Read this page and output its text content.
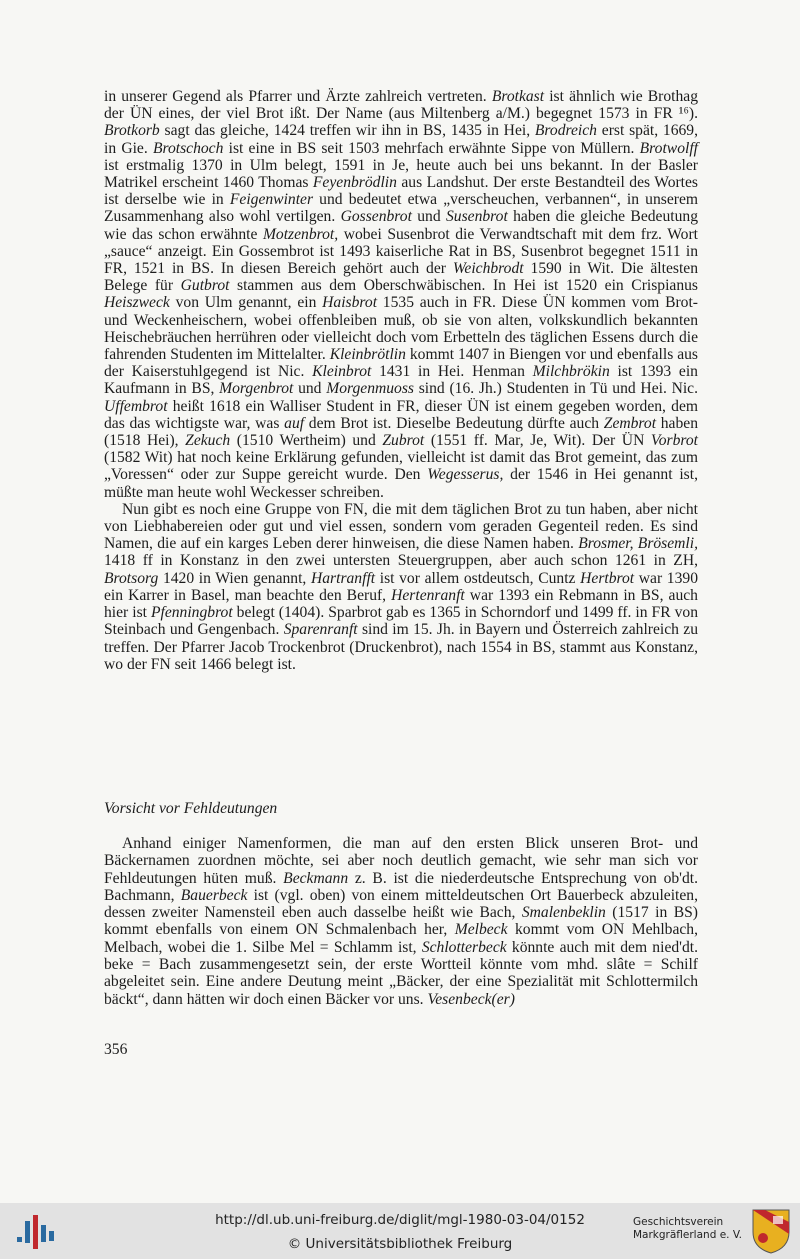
in unserer Gegend als Pfarrer und Ärzte zahlreich vertreten. Brotkast ist ähnlich wie Brothag der ÜN eines, der viel Brot ißt. Der Name (aus Miltenberg a/M.) begegnet 1573 in FR ¹⁶). Brotkorb sagt das gleiche, 1424 treffen wir ihn in BS, 1435 in Hei, Brodreich erst spät, 1669, in Gie. Brotschoch ist eine in BS seit 1503 mehrfach erwähnte Sippe von Müllern. Brotwolff ist erstmalig 1370 in Ulm belegt, 1591 in Je, heute auch bei uns bekannt. In der Basler Matrikel erscheint 1460 Thomas Feyenbrödlin aus Landshut. Der erste Bestandteil des Wortes ist derselbe wie in Feigenwinter und bedeutet etwa „verscheuchen, verbannen“, in unserem Zusammenhang also wohl vertilgen. Gossenbrot und Susenbrot haben die gleiche Bedeutung wie das schon erwähnte Motzenbrot, wobei Susenbrot die Verwandtschaft mit dem frz. Wort „sauce“ anzeigt. Ein Gossembrot ist 1493 kaiserliche Rat in BS, Susenbrot begegnet 1511 in FR, 1521 in BS. In diesen Bereich gehört auch der Weichbrodt 1590 in Wit. Die ältesten Belege für Gutbrot stammen aus dem Oberschwäbischen. In Hei ist 1520 ein Crispianus Heiszweck von Ulm genannt, ein Haisbrot 1535 auch in FR. Diese ÜN kommen vom Brot- und Weckenheischern, wobei offenbleiben muß, ob sie von alten, volkskundlich bekannten Heischebräuchen herrühren oder vielleicht doch vom Erbetteln des täglichen Essens durch die fahrenden Studenten im Mittelalter. Kleinbrötlin kommt 1407 in Biengen vor und ebenfalls aus der Kaiserstuhlgegend ist Nic. Kleinbrot 1431 in Hei. Henman Milchbrökin ist 1393 ein Kaufmann in BS, Morgenbrot und Morgenmuoss sind (16. Jh.) Studenten in Tü und Hei. Nic. Uffembrot heißt 1618 ein Walliser Student in FR, dieser ÜN ist einem gegeben worden, dem das das wichtigste war, was auf dem Brot ist. Dieselbe Bedeutung dürfte auch Zembrot haben (1518 Hei), Zekuch (1510 Wertheim) und Zubrot (1551 ff. Mar, Je, Wit). Der ÜN Vorbrot (1582 Wit) hat noch keine Erklärung gefunden, vielleicht ist damit das Brot gemeint, das zum „Voressen“ oder zur Suppe gereicht wurde. Den Wegesserus, der 1546 in Hei genannt ist, müßte man heute wohl Weckesser schreiben.

Nun gibt es noch eine Gruppe von FN, die mit dem täglichen Brot zu tun haben, aber nicht von Liebhabereien oder gut und viel essen, sondern vom geraden Gegenteil reden. Es sind Namen, die auf ein karges Leben derer hinweisen, die diese Namen haben. Brosmer, Brösemli, 1418 ff in Konstanz in den zwei untersten Steuergruppen, aber auch schon 1261 in ZH, Brotsorg 1420 in Wien genannt, Hartranfft ist vor allem ostdeutsch, Cuntz Hertbrot war 1390 ein Karrer in Basel, man beachte den Beruf, Hertenranft war 1393 ein Rebmann in BS, auch hier ist Pfenningbrot belegt (1404). Sparbrot gab es 1365 in Schorndorf und 1499 ff. in FR von Steinbach und Gengenbach. Sparenranft sind im 15. Jh. in Bayern und Österreich zahlreich zu treffen. Der Pfarrer Jacob Trockenbrot (Druckenbrot), nach 1554 in BS, stammt aus Konstanz, wo der FN seit 1466 belegt ist.

Vorsicht vor Fehldeutungen

Anhand einiger Namenformen, die man auf den ersten Blick unseren Brot- und Bäckernamen zuordnen möchte, sei aber noch deutlich gemacht, wie sehr man sich vor Fehldeutungen hüten muß. Beckmann z. B. ist die niederdeutsche Entsprechung von ob'dt. Bachmann, Bauerbeck ist (vgl. oben) von einem mitteldeutschen Ort Bauerbeck abzuleiten, dessen zweiter Namensteil eben auch dasselbe heißt wie Bach, Smalenbeklin (1517 in BS) kommt ebenfalls von einem ON Schmalenbach her, Melbeck kommt vom ON Mehlbach, Melbach, wobei die 1. Silbe Mel = Schlamm ist, Schlotterbeck könnte auch mit dem nied'dt. beke = Bach zusammengesetzt sein, der erste Wortteil könnte vom mhd. slâte = Schilf abgeleitet sein. Eine andere Deutung meint „Bäcker, der eine Spezialität mit Schlottermilch bäckt“, dann hätten wir doch einen Bäcker vor uns. Vesenbeck(er)

356
http://dl.ub.uni-freiburg.de/diglit/mgl-1980-03-04/0152
© Universitätsbibliothek Freiburg
Geschichtsverein
Markgräflerland e. V.
